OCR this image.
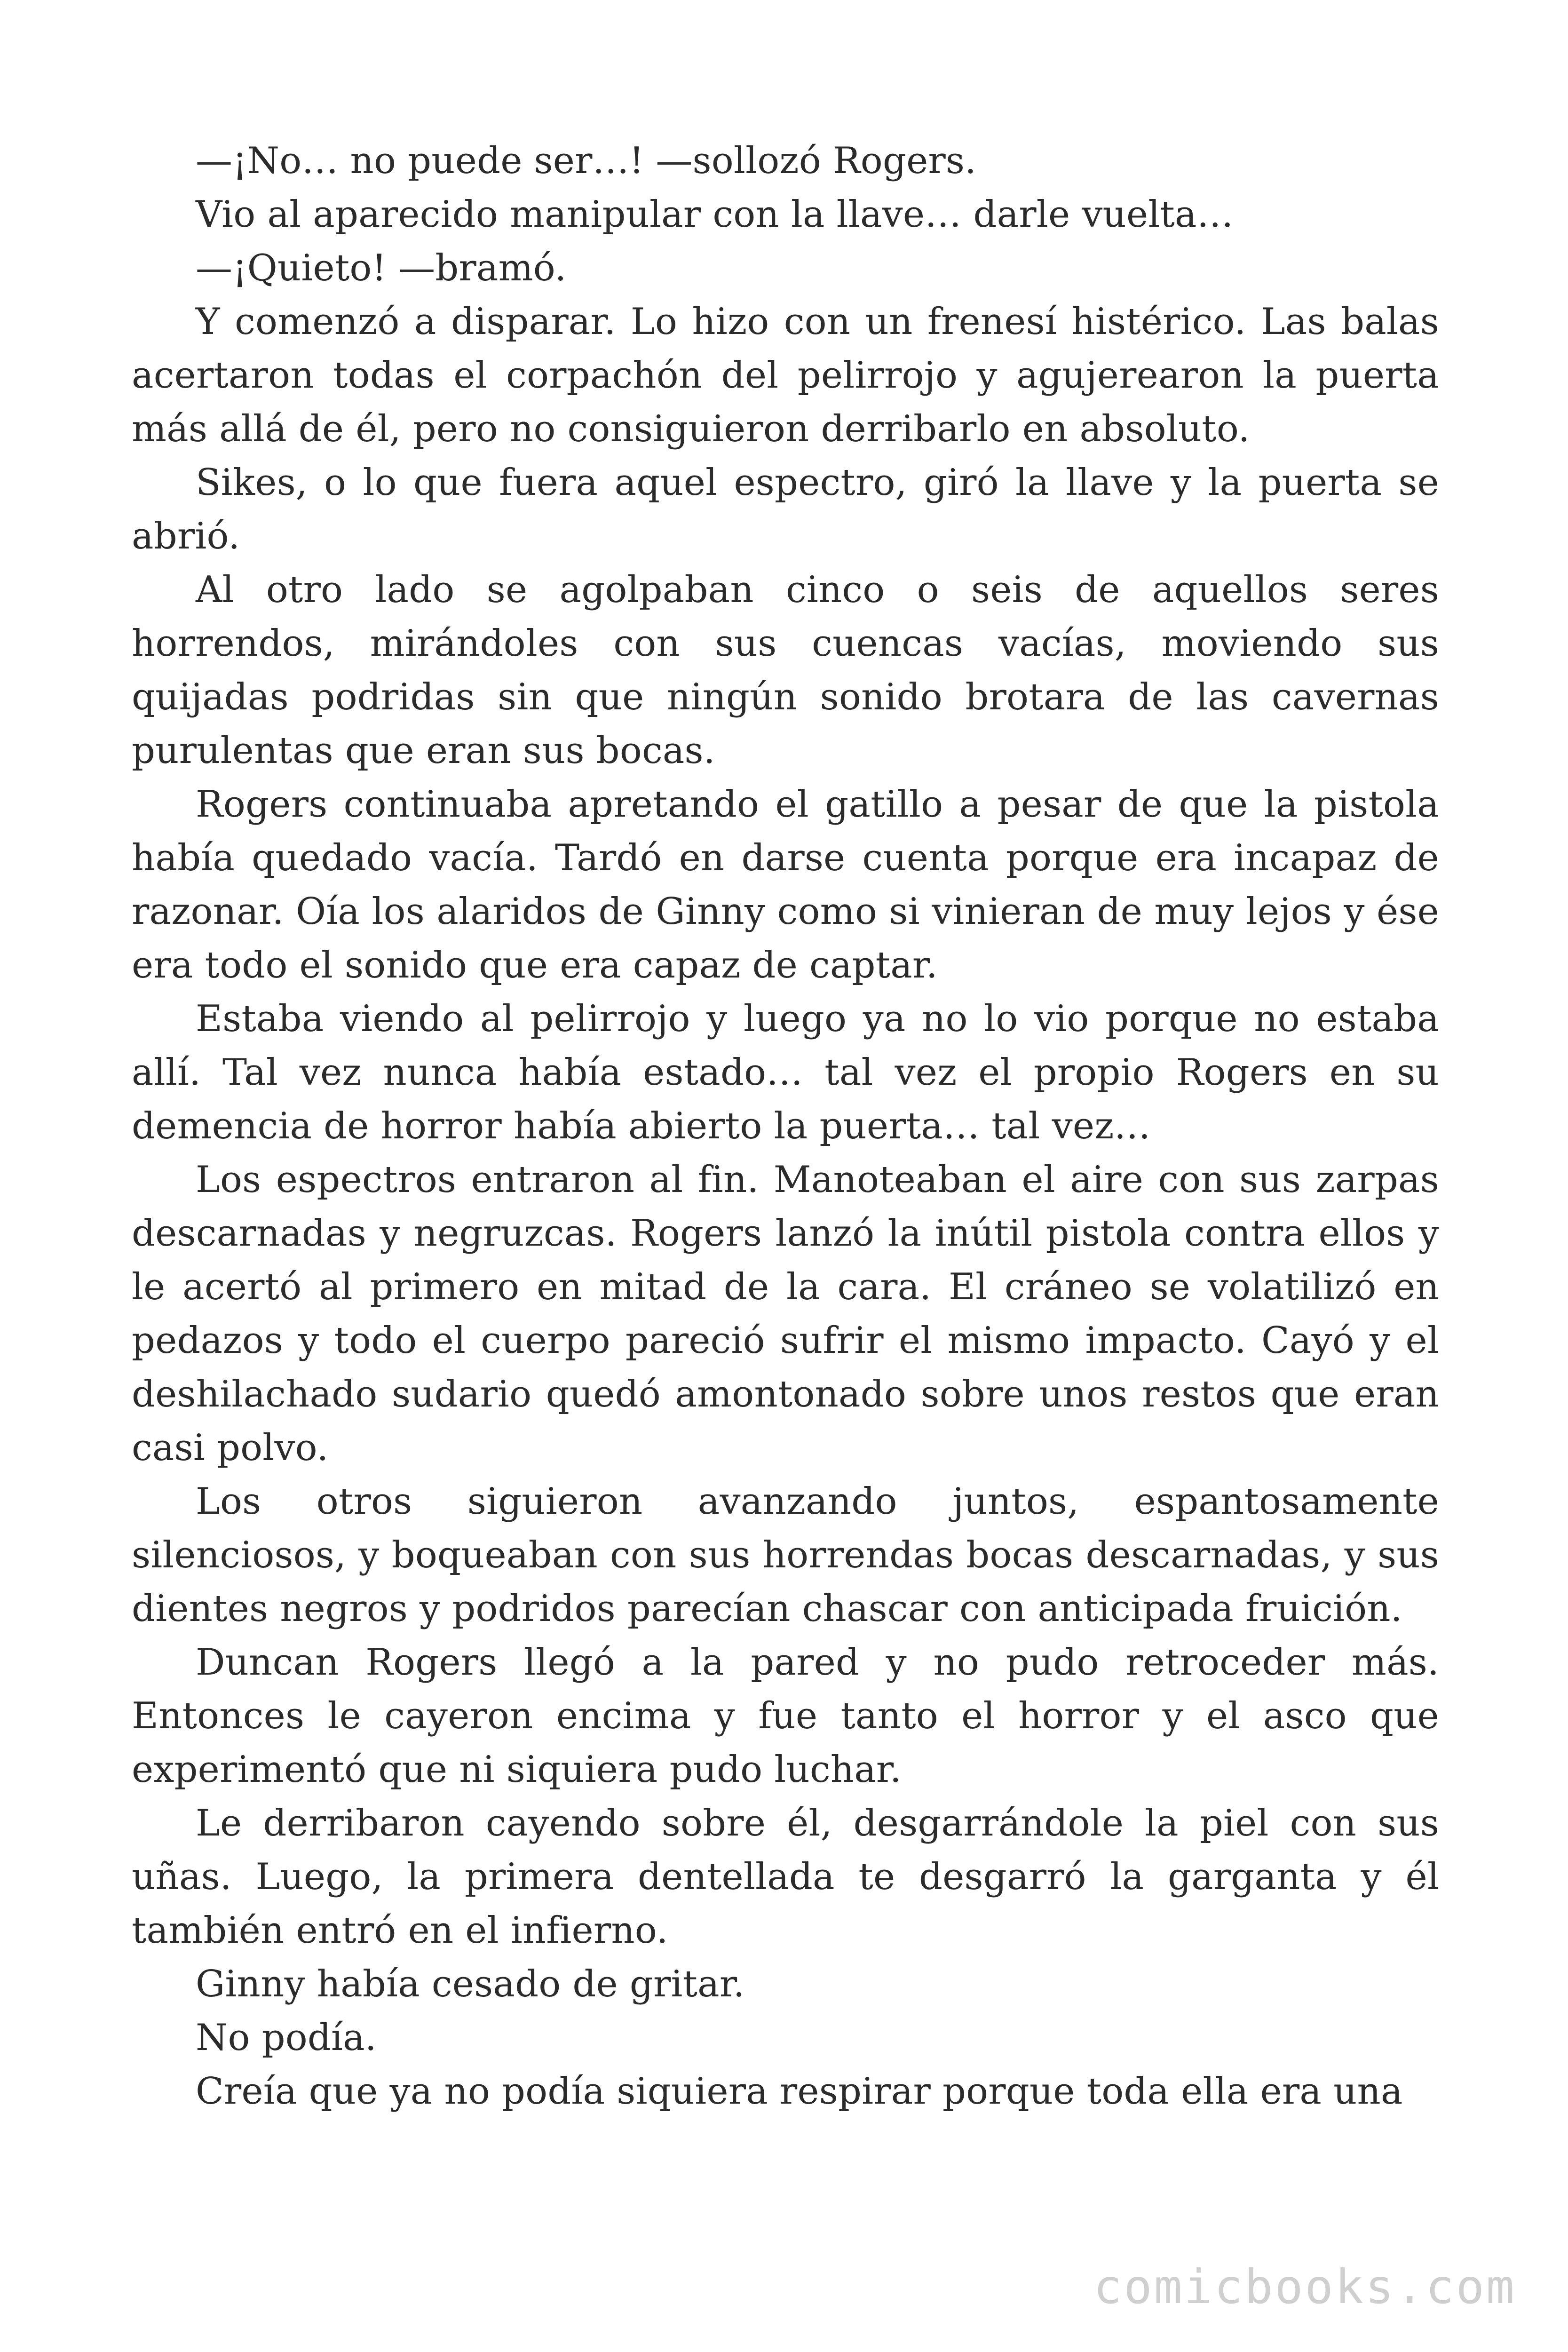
—¡No… no puede ser…! —sollozó Rogers.

Vio al aparecido manipular con la llave… darle vuelta…

—¡Quieto! —bramó.

Y comenzó a disparar. Lo hizo con un frenesí histérico. Las balas acertaron todas el corpachón del pelirrojo y agujerearon la puerta más allá de él, pero no consiguieron derribarlo en absoluto.

Sikes, o lo que fuera aquel espectro, giró la llave y la puerta se abrió.

Al otro lado se agolpaban cinco o seis de aquellos seres horrendos, mirándoles con sus cuencas vacías, moviendo sus quijadas podridas sin que ningún sonido brotara de las cavernas purulentas que eran sus bocas.

Rogers continuaba apretando el gatillo a pesar de que la pistola había quedado vacía. Tardó en darse cuenta porque era incapaz de razonar. Oía los alaridos de Ginny como si vinieran de muy lejos y ése era todo el sonido que era capaz de captar.

Estaba viendo al pelirrojo y luego ya no lo vio porque no estaba allí. Tal vez nunca había estado… tal vez el propio Rogers en su demencia de horror había abierto la puerta… tal vez…

Los espectros entraron al fin. Manoteaban el aire con sus zarpas descarnadas y negruzcas. Rogers lanzó la inútil pistola contra ellos y le acertó al primero en mitad de la cara. El cráneo se volatilizó en pedazos y todo el cuerpo pareció sufrir el mismo impacto. Cayó y el deshilachado sudario quedó amontonado sobre unos restos que eran casi polvo.

Los otros siguieron avanzando juntos, espantosamente silenciosos, y boqueaban con sus horrendas bocas descarnadas, y sus dientes negros y podridos parecían chascar con anticipada fruición.

Duncan Rogers llegó a la pared y no pudo retroceder más. Entonces le cayeron encima y fue tanto el horror y el asco que experimentó que ni siquiera pudo luchar.

Le derribaron cayendo sobre él, desgarrándole la piel con sus uñas. Luego, la primera dentellada te desgarró la garganta y él también entró en el infierno.

Ginny había cesado de gritar.

No podía.

Creía que ya no podía siquiera respirar porque toda ella era una

comicbooks.com
